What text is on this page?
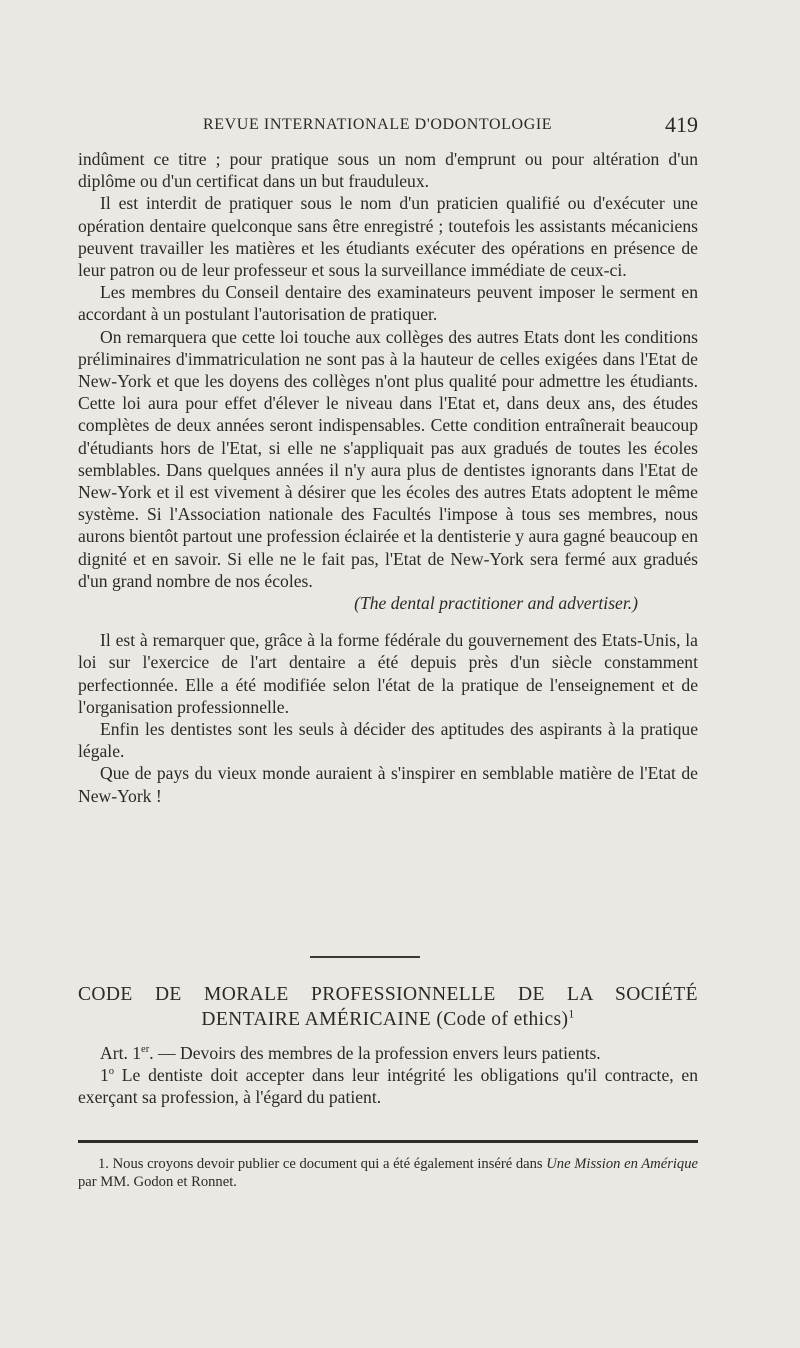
REVUE INTERNATIONALE D'ODONTOLOGIE	419

indûment ce titre ; pour pratique sous un nom d'emprunt ou pour altération d'un diplôme ou d'un certificat dans un but frauduleux.

Il est interdit de pratiquer sous le nom d'un praticien qualifié ou d'exécuter une opération dentaire quelconque sans être enregistré ; toutefois les assistants mécaniciens peuvent travailler les matières et les étudiants exécuter des opérations en présence de leur patron ou de leur professeur et sous la surveillance immédiate de ceux-ci.

Les membres du Conseil dentaire des examinateurs peuvent imposer le serment en accordant à un postulant l'autorisation de pratiquer.

On remarquera que cette loi touche aux collèges des autres Etats dont les conditions préliminaires d'immatriculation ne sont pas à la hauteur de celles exigées dans l'Etat de New-York et que les doyens des collèges n'ont plus qualité pour admettre les étudiants. Cette loi aura pour effet d'élever le niveau dans l'Etat et, dans deux ans, des études complètes de deux années seront indispensables. Cette condition entraînerait beaucoup d'étudiants hors de l'Etat, si elle ne s'appliquait pas aux gradués de toutes les écoles semblables. Dans quelques années il n'y aura plus de dentistes ignorants dans l'Etat de New-York et il est vivement à désirer que les écoles des autres Etats adoptent le même système. Si l'Association nationale des Facultés l'impose à tous ses membres, nous aurons bientôt partout une profession éclairée et la dentisterie y aura gagné beaucoup en dignité et en savoir. Si elle ne le fait pas, l'Etat de New-York sera fermé aux gradués d'un grand nombre de nos écoles.

(The dental practitioner and advertiser.)

Il est à remarquer que, grâce à la forme fédérale du gouvernement des Etats-Unis, la loi sur l'exercice de l'art dentaire a été depuis près d'un siècle constamment perfectionnée. Elle a été modifiée selon l'état de la pratique de l'enseignement et de l'organisation professionnelle.

Enfin les dentistes sont les seuls à décider des aptitudes des aspirants à la pratique légale.

Que de pays du vieux monde auraient à s'inspirer en semblable matière de l'Etat de New-York !

CODE DE MORALE PROFESSIONNELLE DE LA SOCIÉTÉ
DENTAIRE AMÉRICAINE (Code of ethics)$^1$

Art. 1er. — Devoirs des membres de la profession envers leurs patients.

1$^o$ Le dentiste doit accepter dans leur intégrité les obligations qu'il contracte, en exerçant sa profession, à l'égard du patient.

1. Nous croyons devoir publier ce document qui a été également inséré dans Une Mission en Amérique par MM. Godon et Ronnet.
